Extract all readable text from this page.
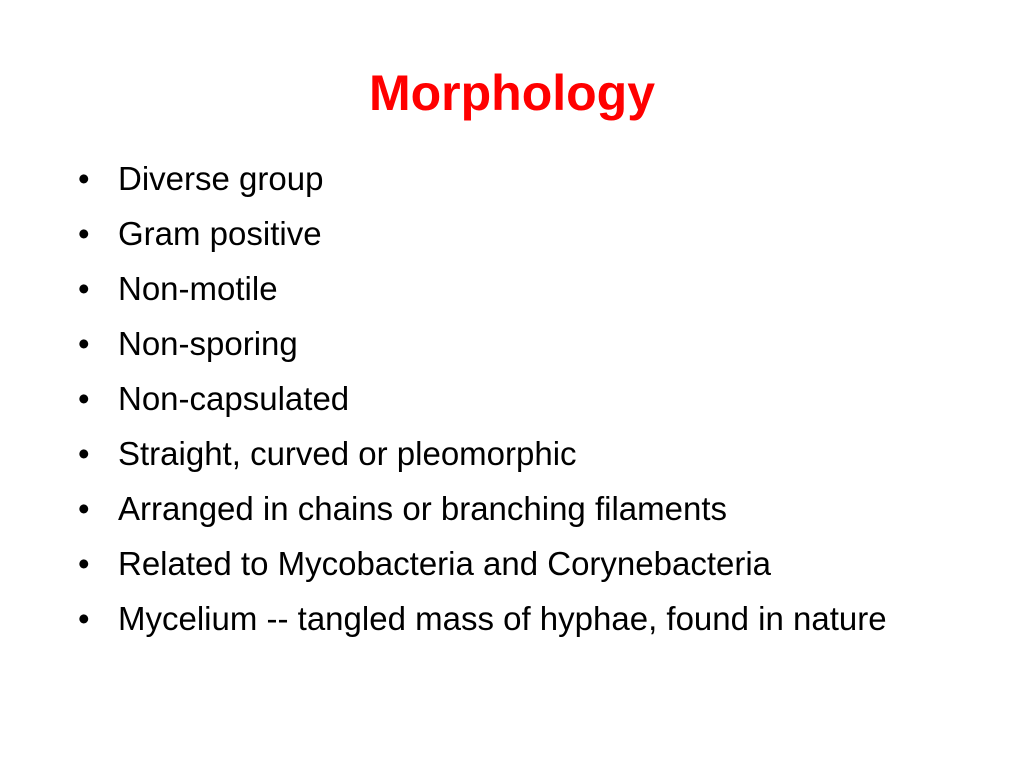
Morphology
• Diverse group
• Gram positive
• Non-motile
• Non-sporing
• Non-capsulated
• Straight, curved or pleomorphic
• Arranged in chains or branching filaments
• Related to Mycobacteria and Corynebacteria
• Mycelium -- tangled mass of hyphae, found in nature
